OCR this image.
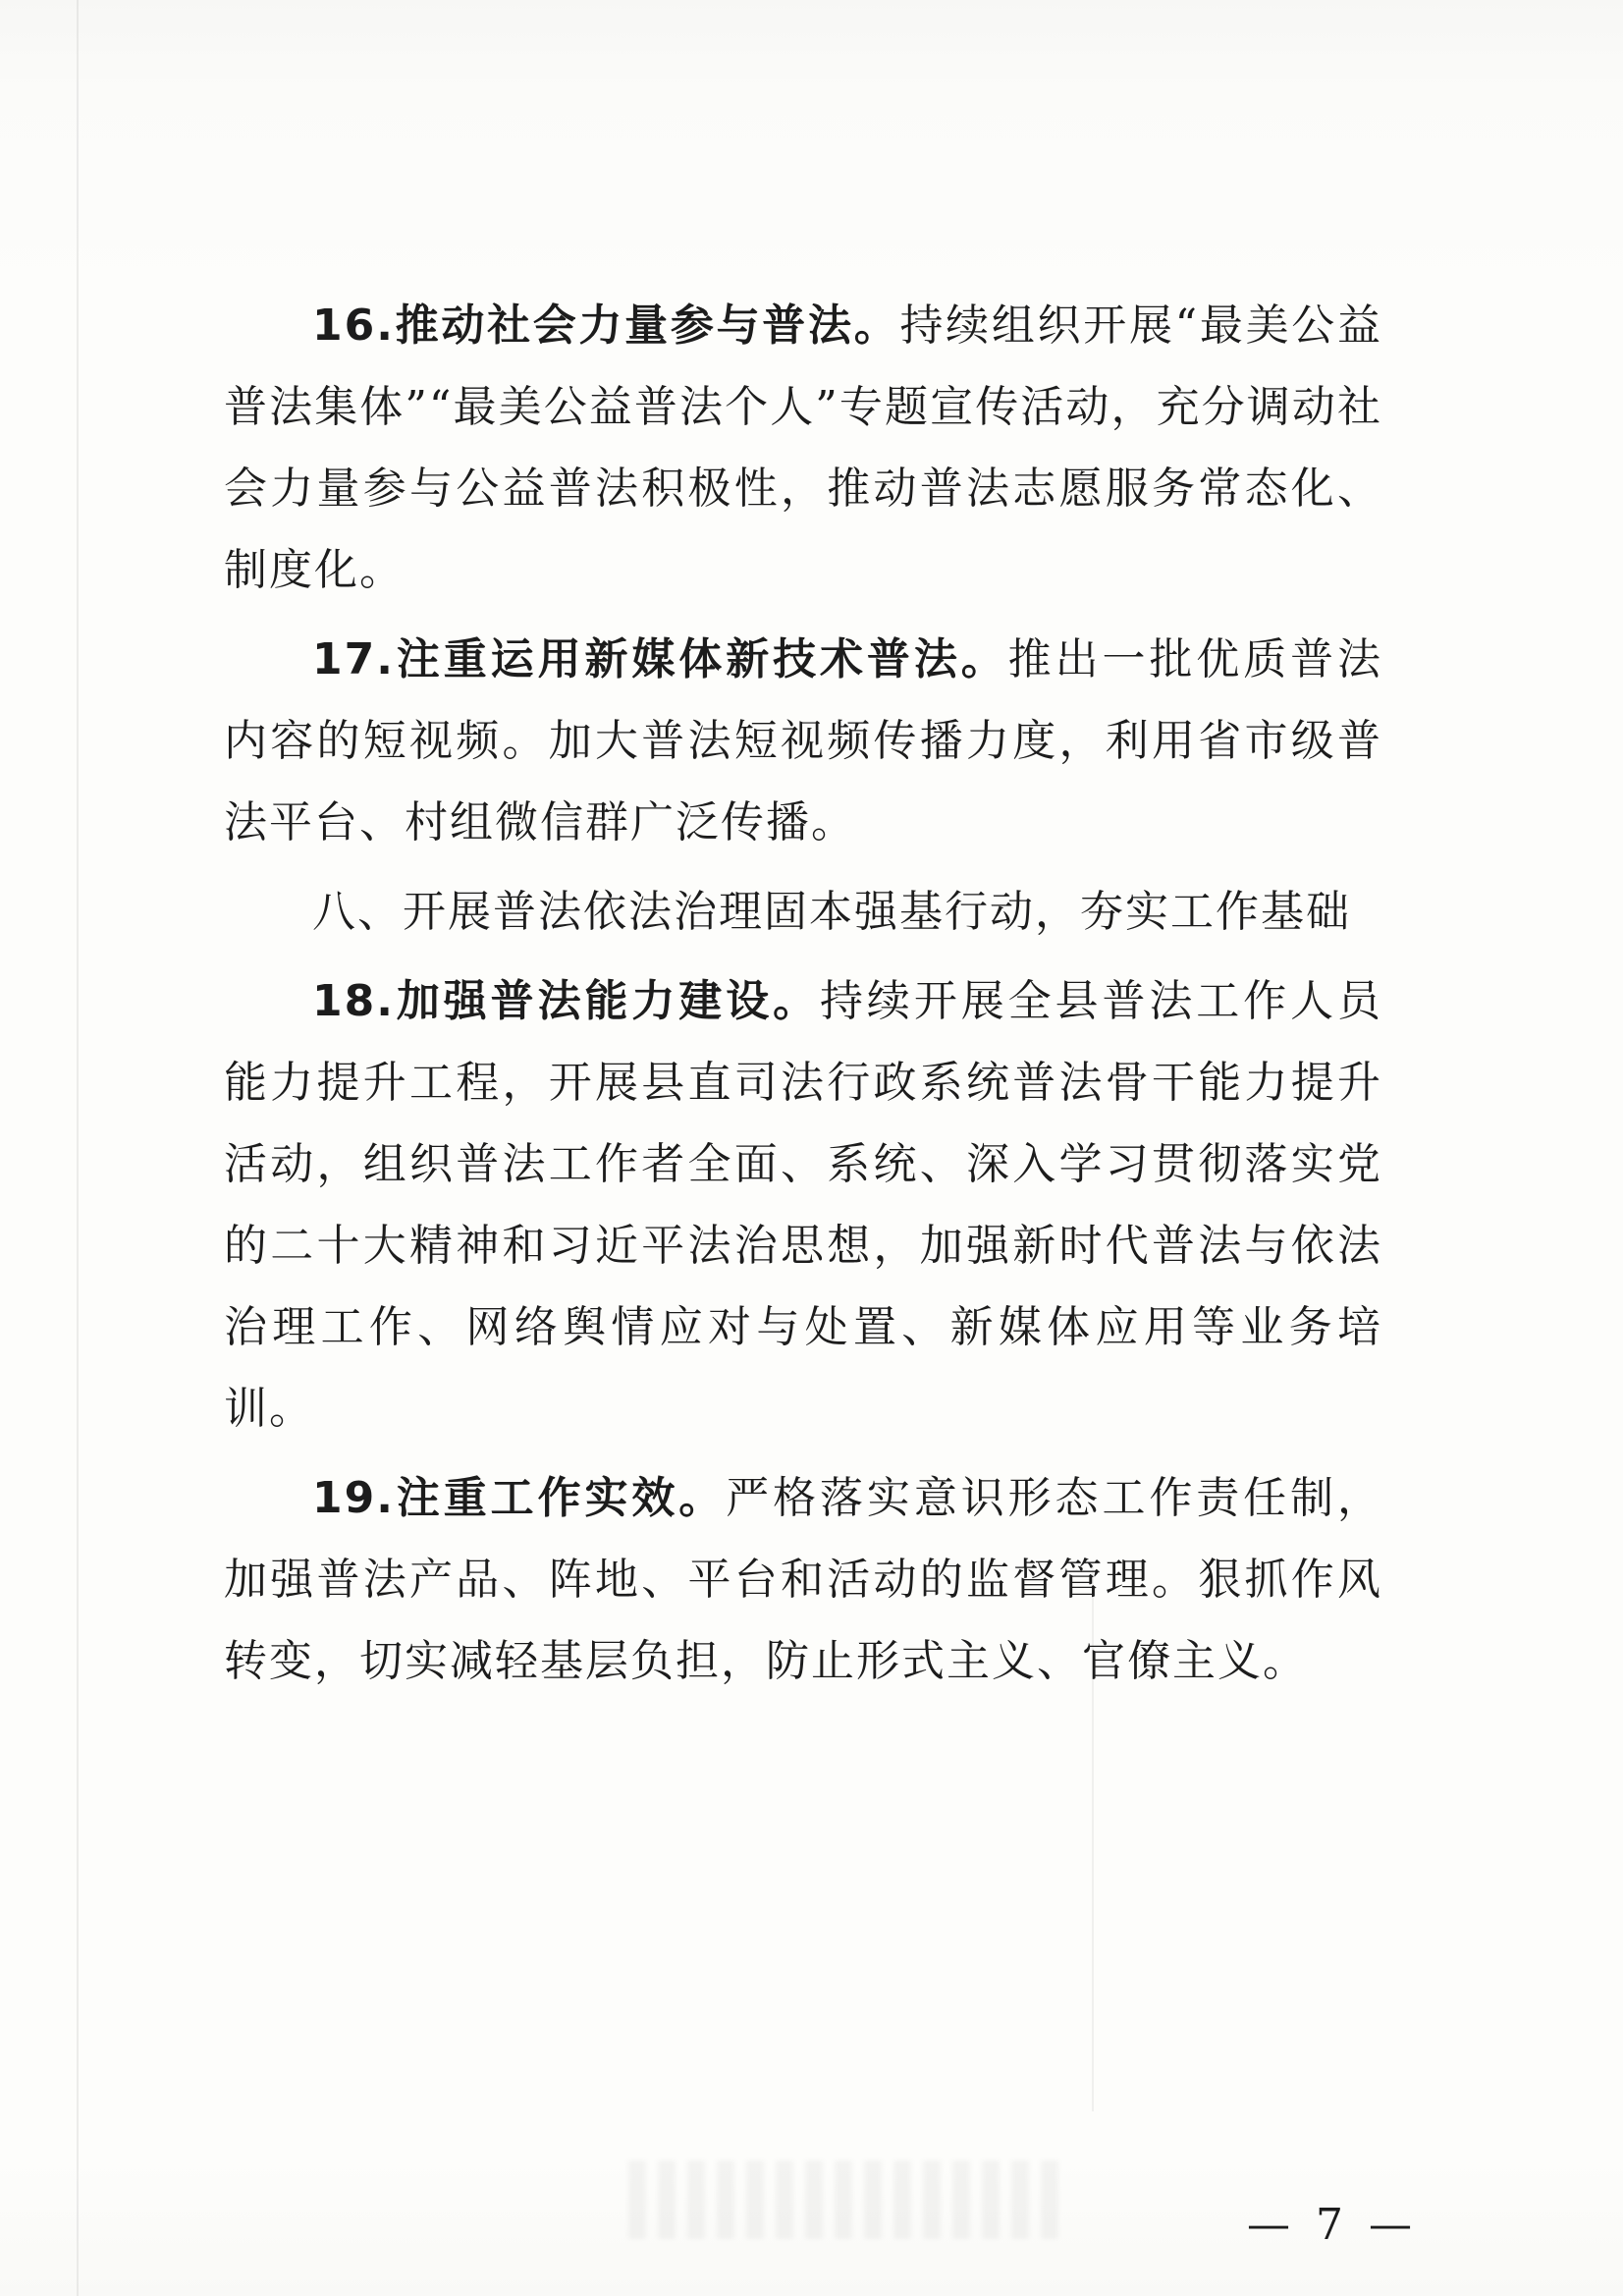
16.推动社会力量参与普法。持续组织开展“最美公益普法集体”“最美公益普法个人”专题宣传活动，充分调动社会力量参与公益普法积极性，推动普法志愿服务常态化、制度化。

17.注重运用新媒体新技术普法。推出一批优质普法内容的短视频。加大普法短视频传播力度，利用省市级普法平台、村组微信群广泛传播。

八、开展普法依法治理固本强基行动，夯实工作基础

18.加强普法能力建设。持续开展全县普法工作人员能力提升工程，开展县直司法行政系统普法骨干能力提升活动，组织普法工作者全面、系统、深入学习贯彻落实党的二十大精神和习近平法治思想，加强新时代普法与依法治理工作、网络舆情应对与处置、新媒体应用等业务培训。

19.注重工作实效。严格落实意识形态工作责任制，加强普法产品、阵地、平台和活动的监督管理。狠抓作风转变，切实减轻基层负担，防止形式主义、官僚主义。

— 7 —
